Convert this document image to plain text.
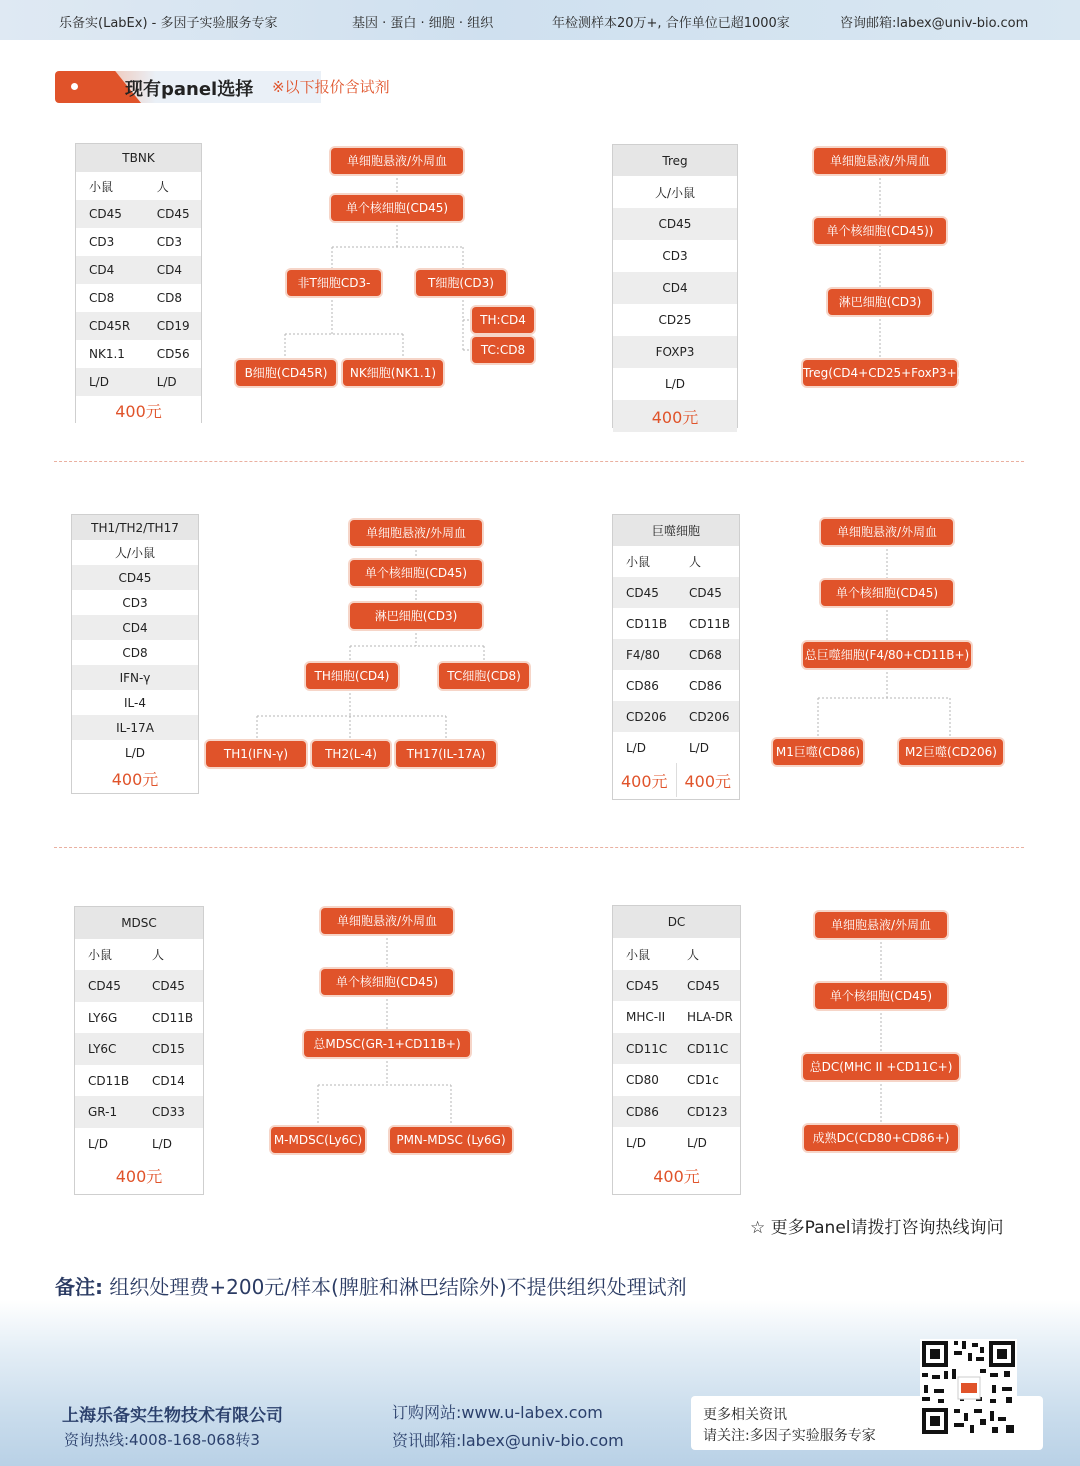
乐备实(LabEx) - 多因子实验服务专家	基因 · 蛋白 · 细胞 · 组织	年检测样本20万+, 合作单位已超1000家	咨询邮箱:labex@univ-bio.com
现有panel选择 ※以下报价含试剂
TBNK	
小鼠	人
CD45	CD45
CD3	CD3
CD4	CD4
CD8	CD8
CD45R	CD19
NK1.1	CD56
L/D	L/D
400元	
Treg
人/小鼠
CD45
CD3
CD4
CD25
FOXP3
L/D
400元
TH1/TH2/TH17
人/小鼠
CD45
CD3
CD4
CD8
IFN-γ
IL-4
IL-17A
L/D
400元
巨噬细胞	
小鼠	人
CD45	CD45
CD11B	CD11B
F4/80	CD68
CD86	CD86
CD206	CD206
L/D	L/D
400元	400元
MDSC	
小鼠	人
CD45	CD45
LY6G	CD11B
LY6C	CD15
CD11B	CD14
GR-1	CD33
L/D	L/D
400元	
DC	
小鼠	人
CD45	CD45
MHC-II	HLA-DR
CD11C	CD11C
CD80	CD1c
CD86	CD123
L/D	L/D
400元	
单细胞悬液/外周血
单个核细胞(CD45)
非T细胞CD3-	T细胞(CD3)
TH:CD4
TC:CD8
B细胞(CD45R)	NK细胞(NK1.1)
单细胞悬液/外周血
单个核细胞(CD45))
淋巴细胞(CD3)
Treg(CD4+CD25+FoxP3+)
单细胞悬液/外周血
单个核细胞(CD45)
淋巴细胞(CD3)
TH细胞(CD4)	TC细胞(CD8)
TH1(IFN-γ)	TH2(L-4)	TH17(IL-17A)
单细胞悬液/外周血
单个核细胞(CD45)
总巨噬细胞(F4/80+CD11B+)
M1巨噬(CD86)	M2巨噬(CD206)
单细胞悬液/外周血
单个核细胞(CD45)
总MDSC(GR-1+CD11B+)
M-MDSC(Ly6C)	PMN-MDSC (Ly6G)
单细胞悬液/外周血
单个核细胞(CD45)
总DC(MHC II +CD11C+)
成熟DC(CD80+CD86+)
☆ 更多Panel请拨打咨询热线询问
备注: 组织处理费+200元/样本(脾脏和淋巴结除外)不提供组织处理试剂
上海乐备实生物技术有限公司
资询热线:4008-168-068转3
订购网站:www.u-labex.com
资讯邮箱:labex@univ-bio.com
更多相关资讯
请关注:多因子实验服务专家
